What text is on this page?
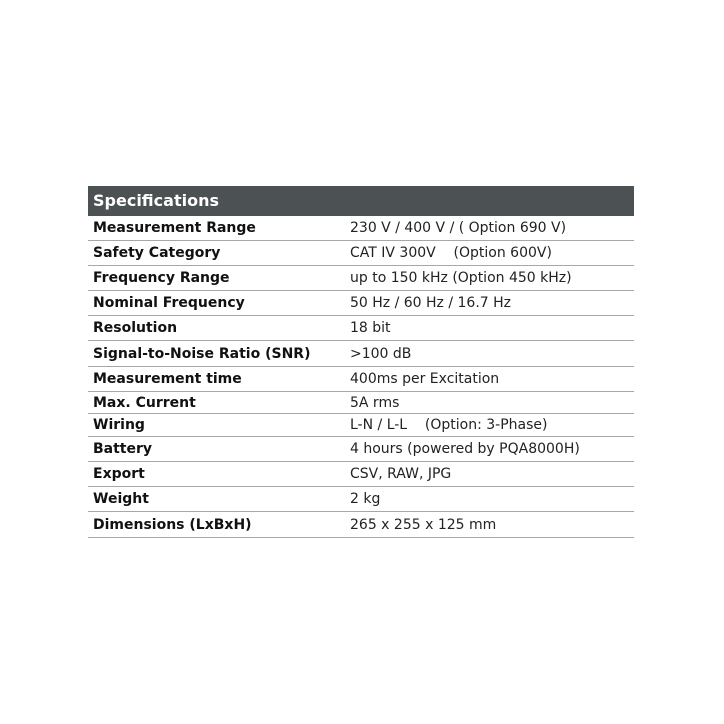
Specifications
Measurement Range	230 V / 400 V / ( Option 690 V)
Safety Category	CAT IV 300V    (Option 600V)
Frequency Range	up to 150 kHz (Option 450 kHz)
Nominal Frequency	50 Hz / 60 Hz / 16.7 Hz
Resolution	18 bit
Signal-to-Noise Ratio (SNR)	>100 dB
Measurement time	400ms per Excitation
Max. Current	5A rms
Wiring	L-N / L-L    (Option: 3-Phase)
Battery	4 hours (powered by PQA8000H)
Export	CSV, RAW, JPG
Weight	2 kg
Dimensions (LxBxH)	265 x 255 x 125 mm
